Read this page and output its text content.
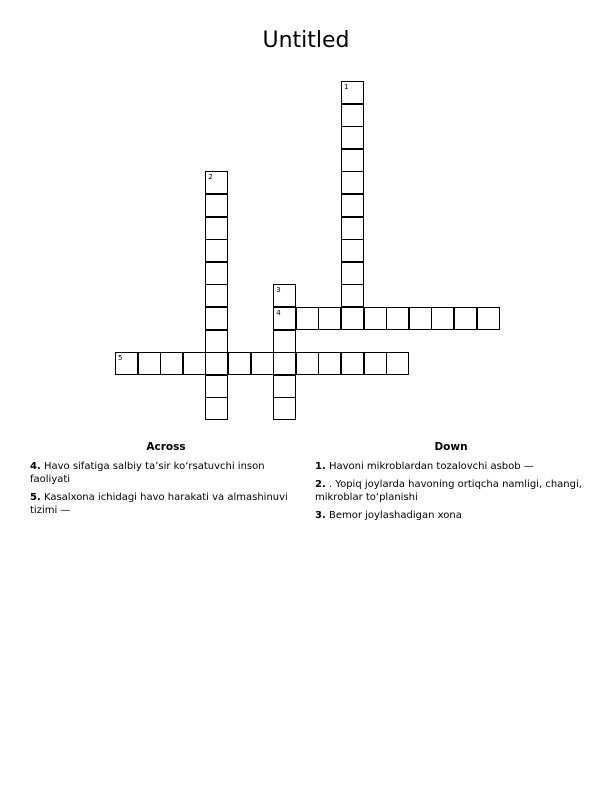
Untitled
1
2
3
4
5
Across
4. Havo sifatiga salbiy ta’sir ko‘rsatuvchi inson faoliyati
5. Kasalxona ichidagi havo harakati va almashinuvi tizimi —
Down
1. Havoni mikroblardan tozalovchi asbob —
2. . Yopiq joylarda havoning ortiqcha namligi, changi, mikroblar to‘planishi
3. Bemor joylashadigan xona
